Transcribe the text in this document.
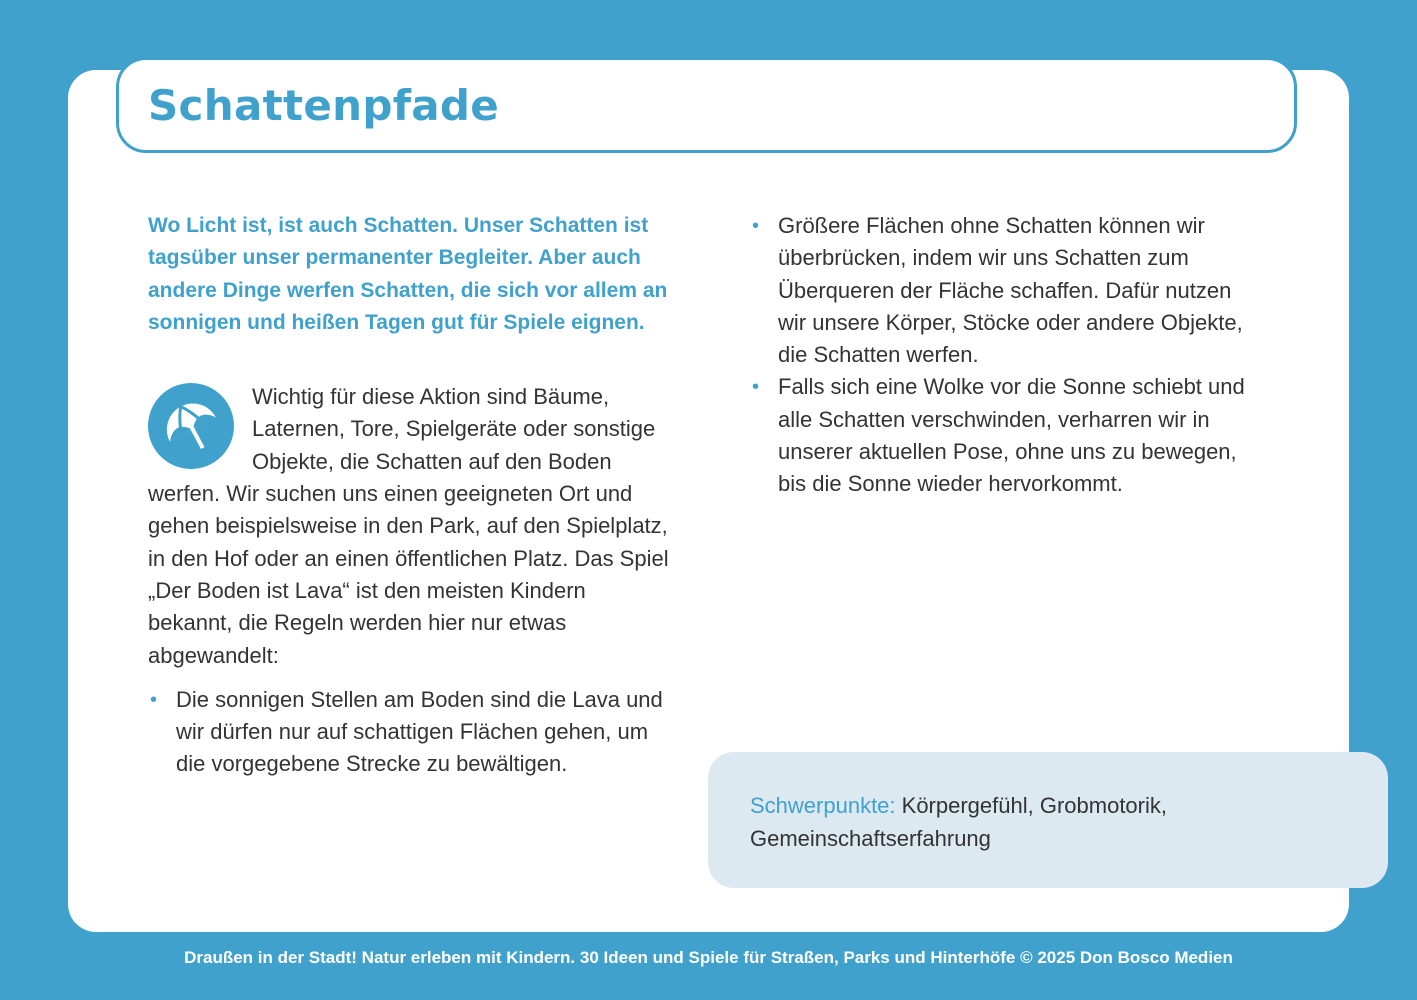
Schattenpfade

Wo Licht ist, ist auch Schatten. Unser Schatten ist tagsüber unser permanenter Begleiter. Aber auch andere Dinge werfen Schatten, die sich vor allem an sonnigen und heißen Tagen gut für Spiele eignen.

Wichtig für diese Aktion sind Bäume, Laternen, Tore, Spielgeräte oder sonstige Objekte, die Schatten auf den Boden werfen. Wir suchen uns einen geeigneten Ort und gehen beispielsweise in den Park, auf den Spielplatz, in den Hof oder an einen öffentlichen Platz. Das Spiel „Der Boden ist Lava“ ist den meisten Kindern bekannt, die Regeln werden hier nur etwas abgewandelt:

• Die sonnigen Stellen am Boden sind die Lava und wir dürfen nur auf schattigen Flächen gehen, um die vorgegebene Strecke zu bewältigen.
• Größere Flächen ohne Schatten können wir überbrücken, indem wir uns Schatten zum Überqueren der Fläche schaffen. Dafür nutzen wir unsere Körper, Stöcke oder andere Objekte, die Schatten werfen.
• Falls sich eine Wolke vor die Sonne schiebt und alle Schatten verschwinden, verharren wir in unserer aktuellen Pose, ohne uns zu bewegen, bis die Sonne wieder hervorkommt.

Schwerpunkte: Körpergefühl, Grobmotorik, Gemeinschaftserfahrung

Draußen in der Stadt! Natur erleben mit Kindern. 30 Ideen und Spiele für Straßen, Parks und Hinterhöfe © 2025 Don Bosco Medien
